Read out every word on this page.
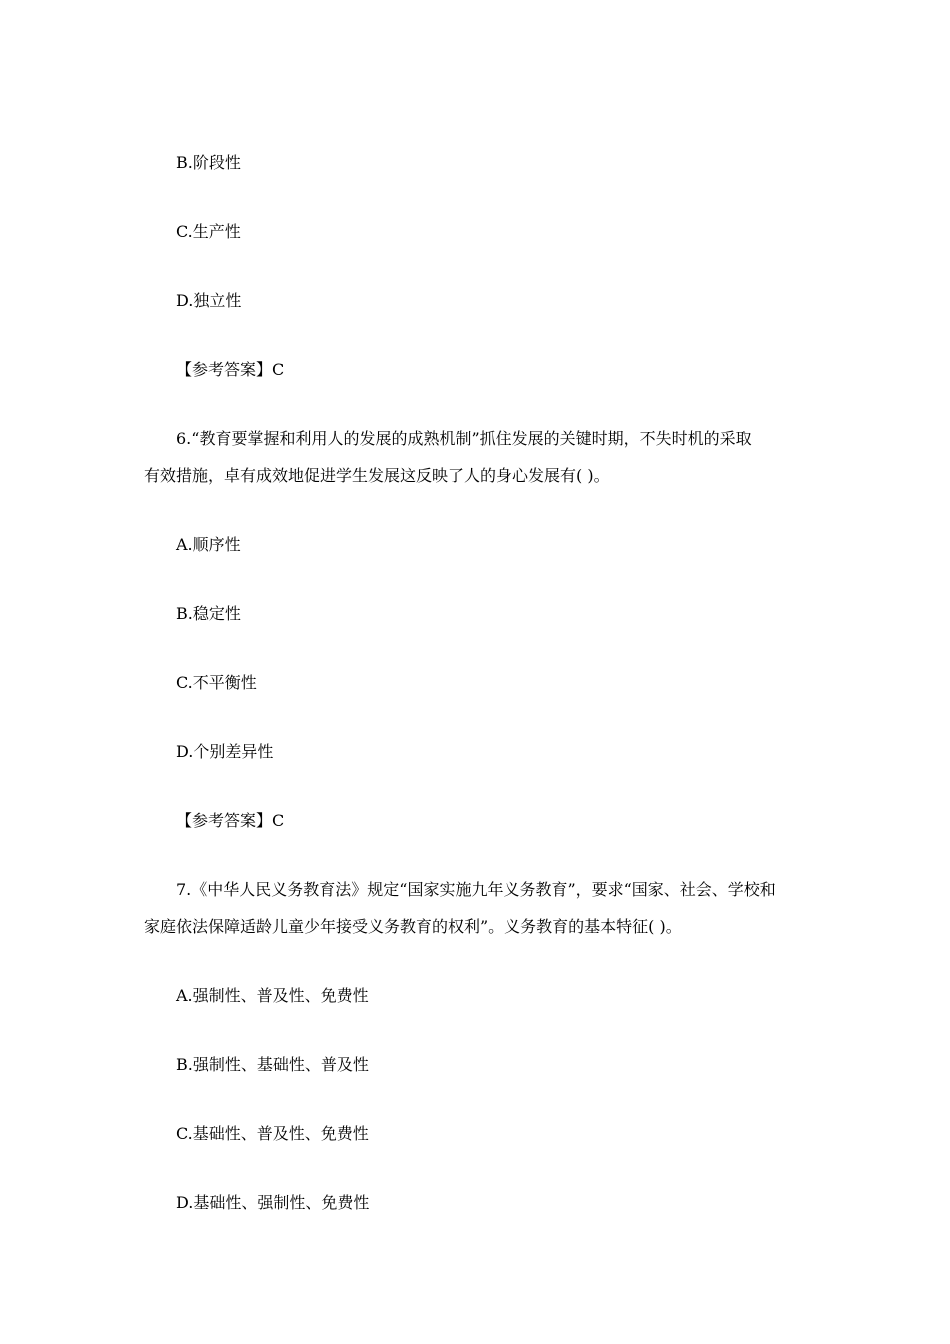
B.阶段性
C.生产性
D.独立性
【参考答案】C
6.“教育要掌握和利用人的发展的成熟机制”抓住发展的关键时期，不失时机的采取
有效措施，卓有成效地促进学生发展这反映了人的身心发展有( )。
A.顺序性
B.稳定性
C.不平衡性
D.个别差异性
【参考答案】C
7.《中华人民义务教育法》规定“国家实施九年义务教育”，要求“国家、社会、学校和
家庭依法保障适龄儿童少年接受义务教育的权利”。义务教育的基本特征( )。
A.强制性、普及性、免费性
B.强制性、基础性、普及性
C.基础性、普及性、免费性
D.基础性、强制性、免费性
